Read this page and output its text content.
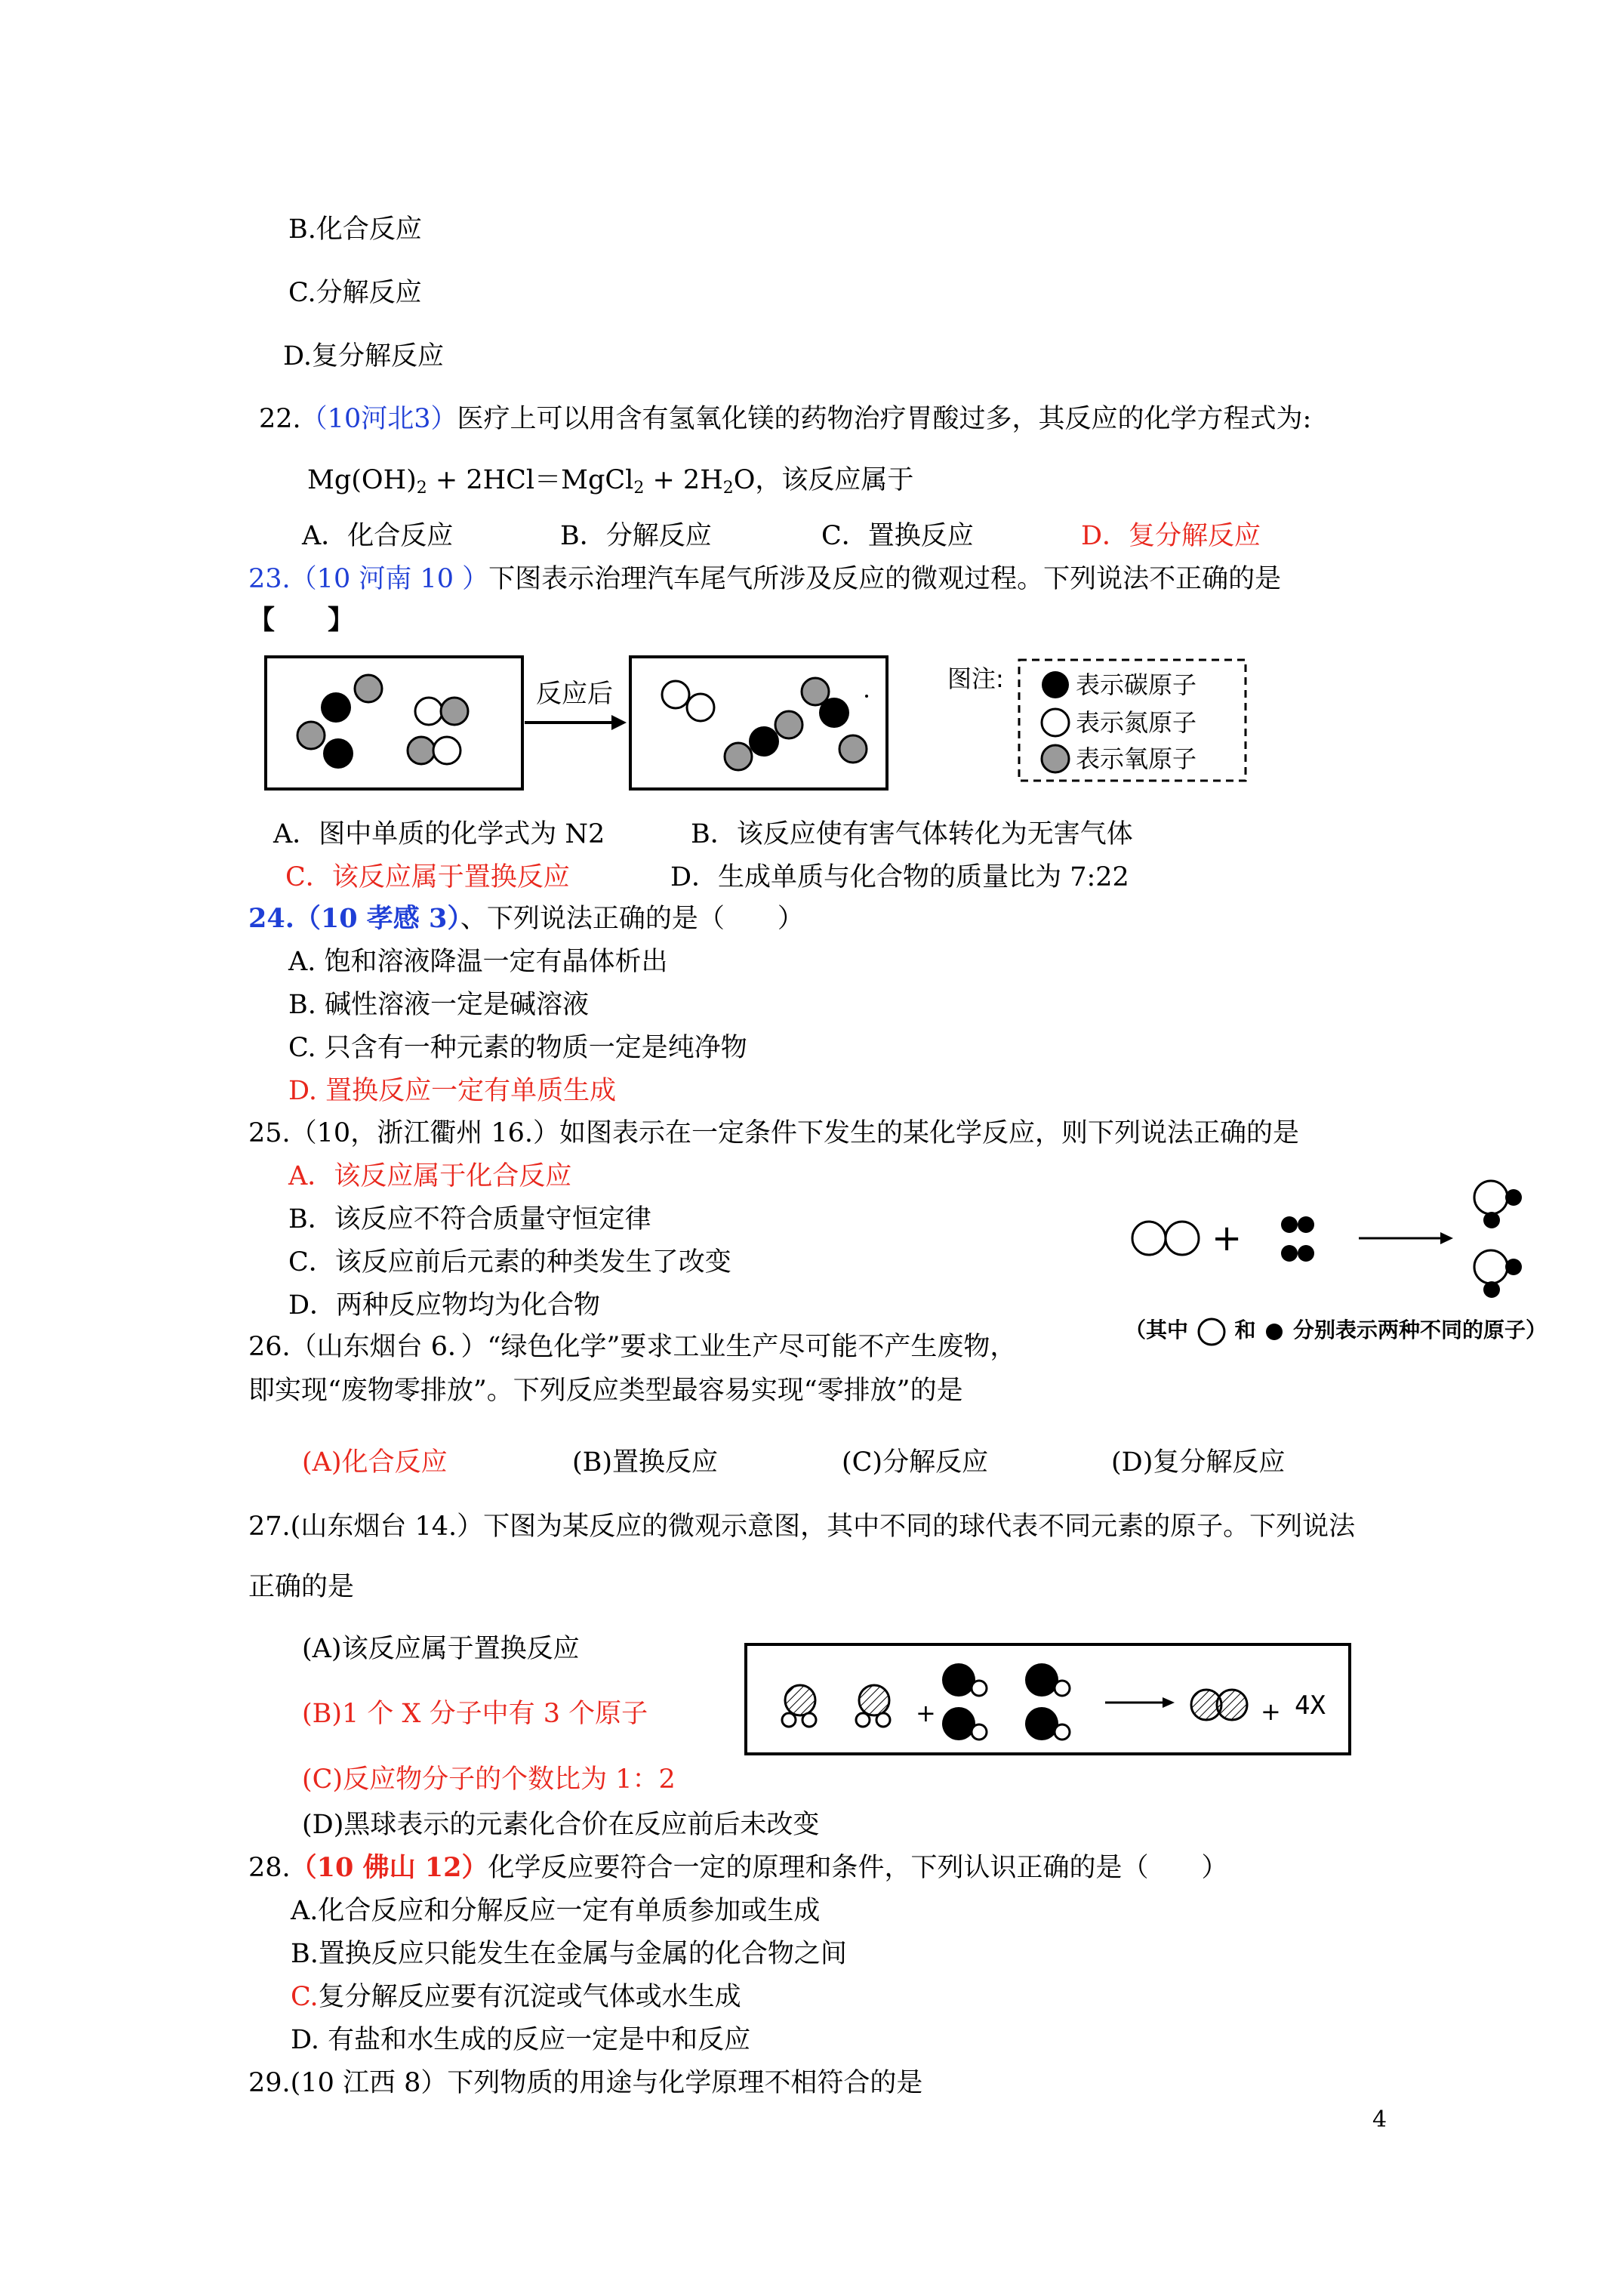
B.化合反应
C.分解反应
D.复分解反应
22.（10河北3）医疗上可以用含有氢氧化镁的药物治疗胃酸过多，其反应的化学方程式为:
$Mg(OH)_2$ + 2HCl＝MgCl$_2$ + $2H_2O$，该反应属于
A．化合反应	B．分解反应	C．置换反应	D．复分解反应
23.（10 河南 10 ）下图表示治理汽车尾气所涉及反应的微观过程。下列说法不正确的是
【　　】
反应后	图注:	表示碳原子
表示氮原子
表示氧原子
A．图中单质的化学式为 N2	B．该反应使有害气体转化为无害气体
C．该反应属于置换反应	D．生成单质与化合物的质量比为 7:22
24.（10 孝感 3）、下列说法正确的是（　　）
A. 饱和溶液降温一定有晶体析出
B. 碱性溶液一定是碱溶液
C. 只含有一种元素的物质一定是纯净物
D. 置换反应一定有单质生成
25.（10，浙江衢州 16.）如图表示在一定条件下发生的某化学反应，则下列说法正确的是
A．该反应属于化合反应
B．该反应不符合质量守恒定律
C．该反应前后元素的种类发生了改变
D．两种反应物均为化合物
+
（其中 和 分别表示两种不同的原子）
26.（山东烟台 6．）“绿色化学”要求工业生产尽可能不产生废物，
即实现“废物零排放”。下列反应类型最容易实现“零排放”的是
(A)化合反应	(B)置换反应	(C)分解反应	(D)复分解反应
27.(山东烟台 14.）下图为某反应的微观示意图，其中不同的球代表不同元素的原子。下列说法
正确的是
(A)该反应属于置换反应
(B)1 个 X 分子中有 3 个原子
(C)反应物分子的个数比为 1：2
(D)黑球表示的元素化合价在反应前后未改变
+	+ 4X
28.（10 佛山 12）化学反应要符合一定的原理和条件，下列认识正确的是（　　）
A.化合反应和分解反应一定有单质参加或生成
B.置换反应只能发生在金属与金属的化合物之间
C.复分解反应要有沉淀或气体或水生成
D. 有盐和水生成的反应一定是中和反应
29.(10 江西 8）下列物质的用途与化学原理不相符合的是
4
